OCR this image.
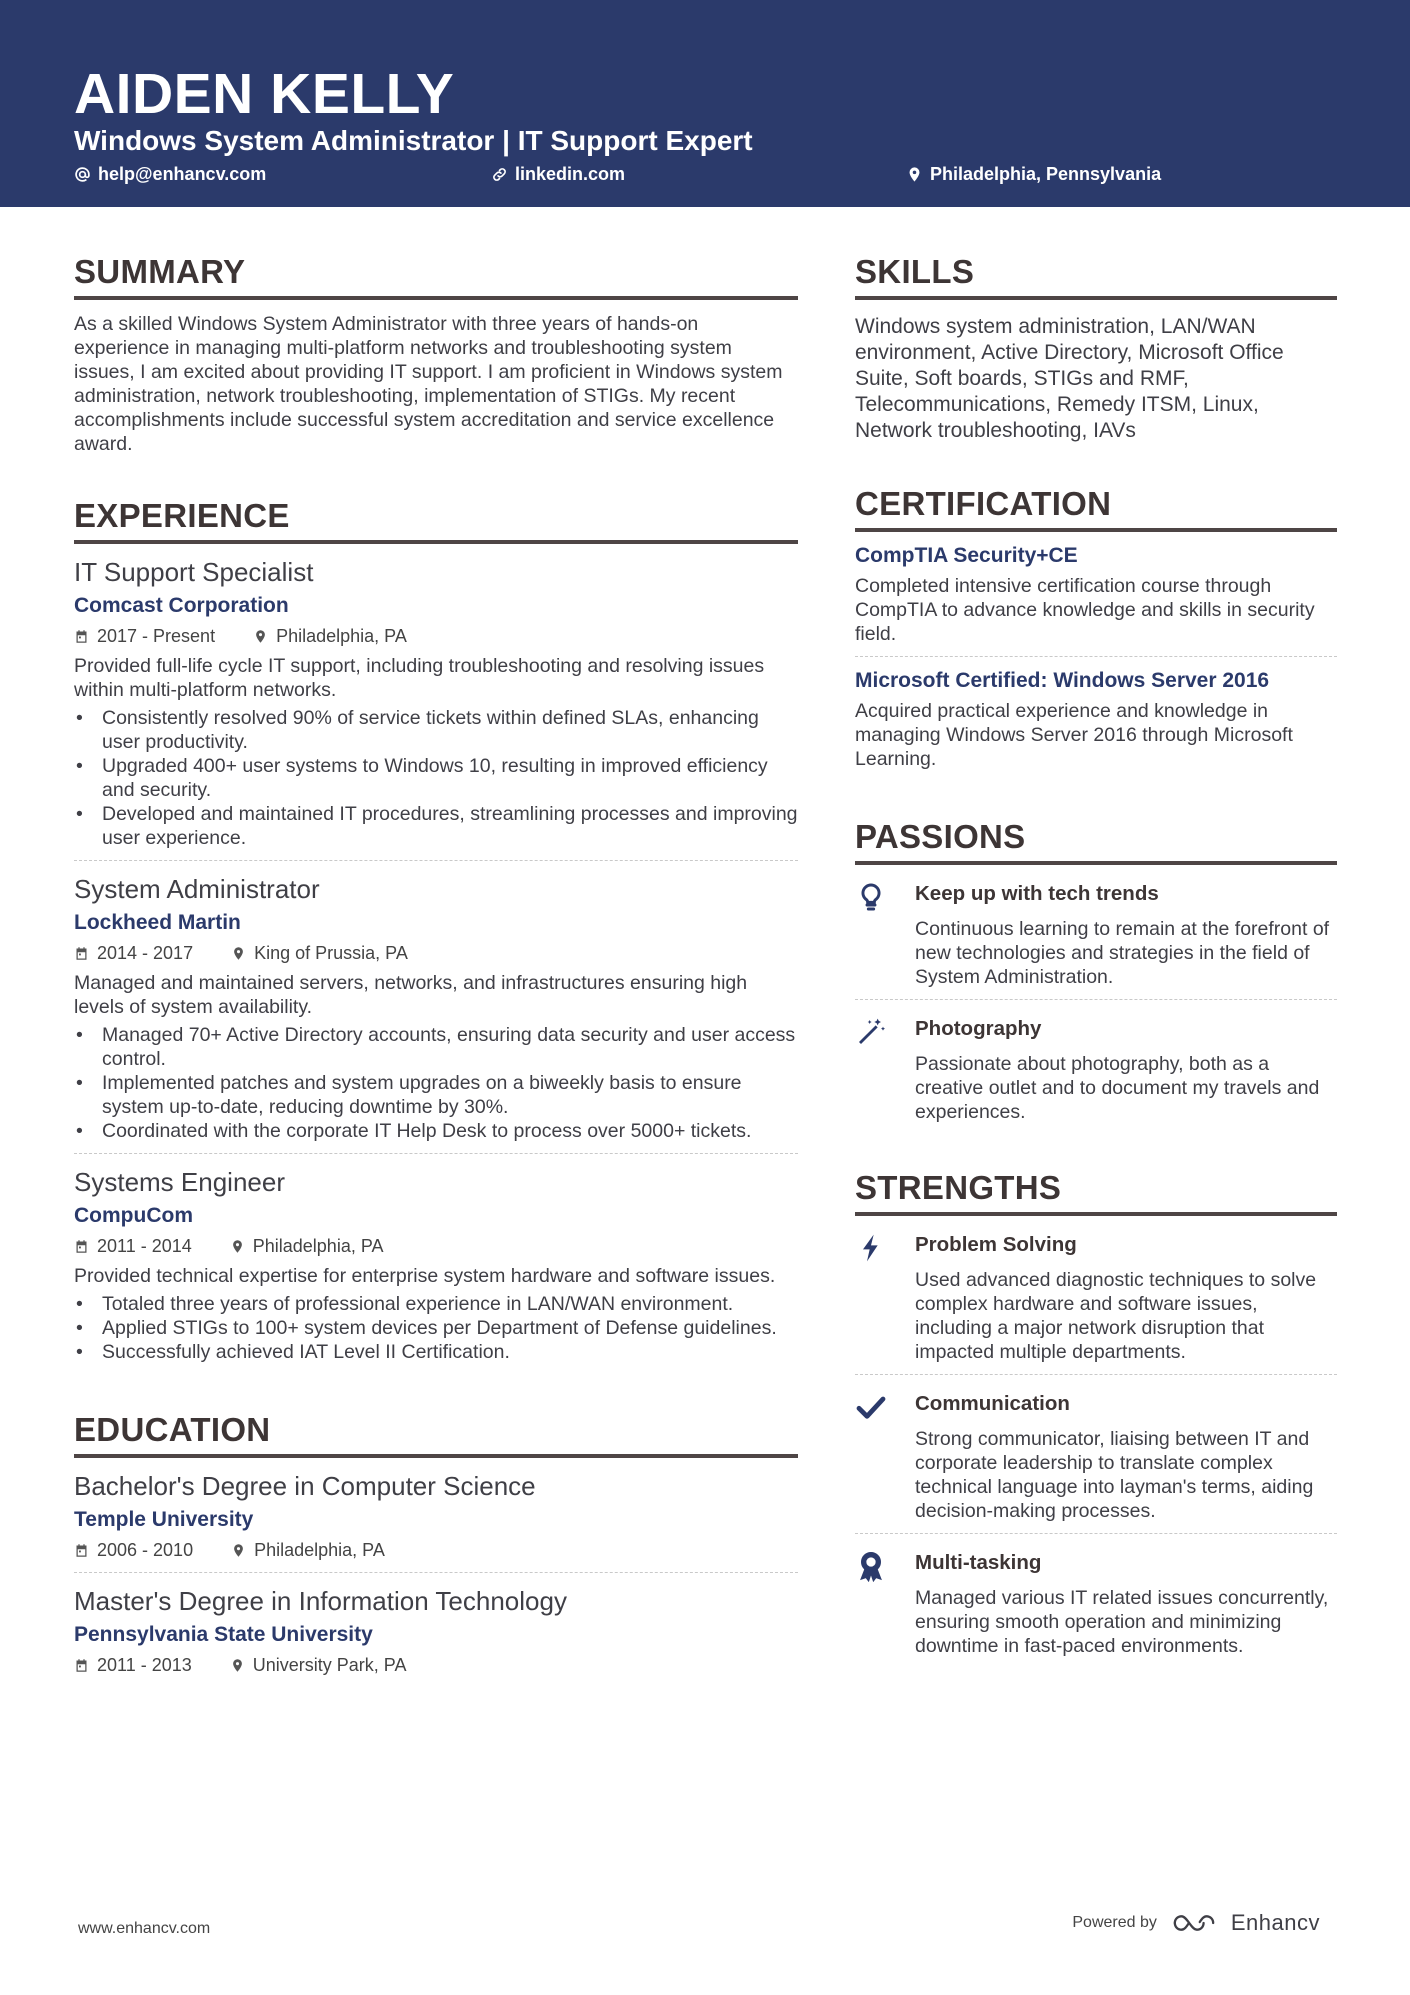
AIDEN KELLY
Windows System Administrator | IT Support Expert
help@enhancv.com	linkedin.com	Philadelphia, Pennsylvania
SUMMARY
As a skilled Windows System Administrator with three years of hands-on experience in managing multi-platform networks and troubleshooting system issues, I am excited about providing IT support. I am proficient in Windows system administration, network troubleshooting, implementation of STIGs. My recent accomplishments include successful system accreditation and service excellence award.
EXPERIENCE
IT Support Specialist
Comcast Corporation
2017 - Present	Philadelphia, PA
Provided full-life cycle IT support, including troubleshooting and resolving issues within multi-platform networks.
• Consistently resolved 90% of service tickets within defined SLAs, enhancing user productivity.
• Upgraded 400+ user systems to Windows 10, resulting in improved efficiency and security.
• Developed and maintained IT procedures, streamlining processes and improving user experience.
System Administrator
Lockheed Martin
2014 - 2017	King of Prussia, PA
Managed and maintained servers, networks, and infrastructures ensuring high levels of system availability.
• Managed 70+ Active Directory accounts, ensuring data security and user access control.
• Implemented patches and system upgrades on a biweekly basis to ensure system up-to-date, reducing downtime by 30%.
• Coordinated with the corporate IT Help Desk to process over 5000+ tickets.
Systems Engineer
CompuCom
2011 - 2014	Philadelphia, PA
Provided technical expertise for enterprise system hardware and software issues.
• Totaled three years of professional experience in LAN/WAN environment.
• Applied STIGs to 100+ system devices per Department of Defense guidelines.
• Successfully achieved IAT Level II Certification.
EDUCATION
Bachelor's Degree in Computer Science
Temple University
2006 - 2010	Philadelphia, PA
Master's Degree in Information Technology
Pennsylvania State University
2011 - 2013	University Park, PA
SKILLS
Windows system administration, LAN/WAN environment, Active Directory, Microsoft Office Suite, Soft boards, STIGs and RMF, Telecommunications, Remedy ITSM, Linux, Network troubleshooting, IAVs
CERTIFICATION
CompTIA Security+CE
Completed intensive certification course through CompTIA to advance knowledge and skills in security field.
Microsoft Certified: Windows Server 2016
Acquired practical experience and knowledge in managing Windows Server 2016 through Microsoft Learning.
PASSIONS
Keep up with tech trends
Continuous learning to remain at the forefront of new technologies and strategies in the field of System Administration.
Photography
Passionate about photography, both as a creative outlet and to document my travels and experiences.
STRENGTHS
Problem Solving
Used advanced diagnostic techniques to solve complex hardware and software issues, including a major network disruption that impacted multiple departments.
Communication
Strong communicator, liaising between IT and corporate leadership to translate complex technical language into layman's terms, aiding decision-making processes.
Multi-tasking
Managed various IT related issues concurrently, ensuring smooth operation and minimizing downtime in fast-paced environments.
www.enhancv.com	Powered by	Enhancv
